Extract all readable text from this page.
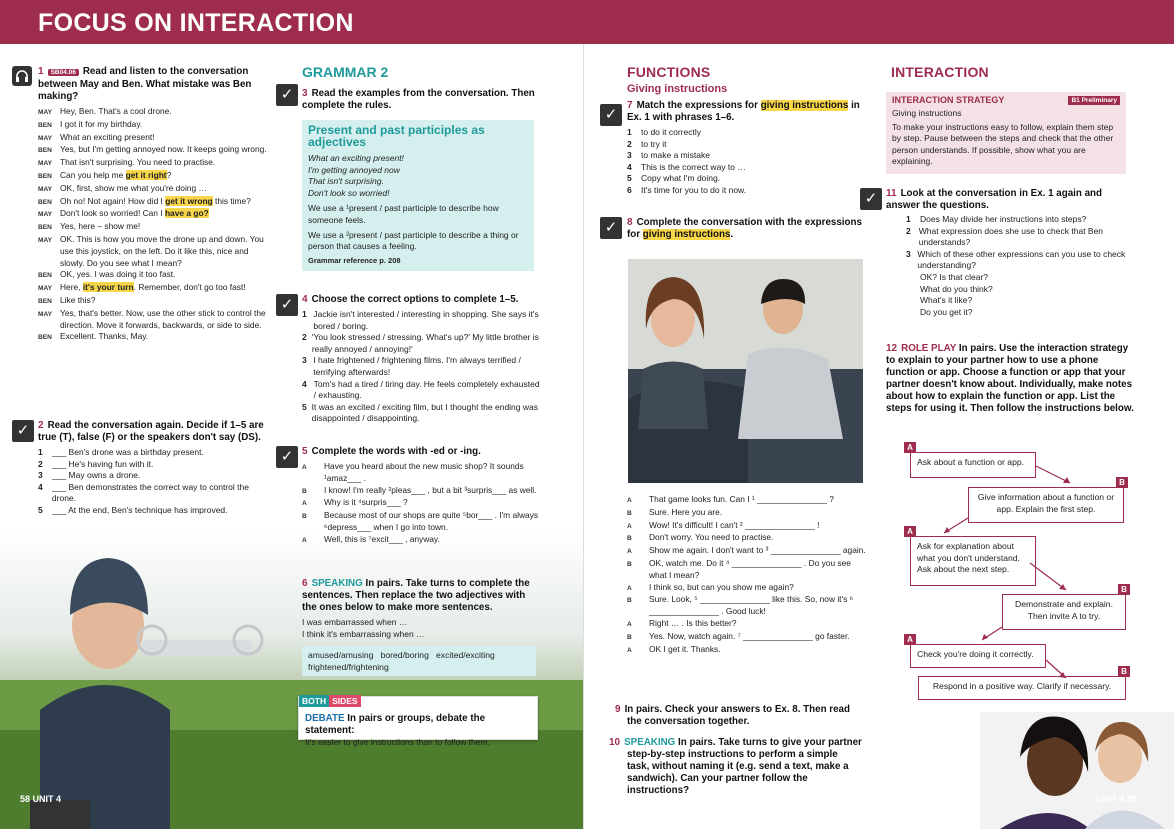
FOCUS ON INTERACTION
1 SB04.06 Read and listen to the conversation between May and Ben. What mistake was Ben making?
MAY Hey, Ben. That's a cool drone.
BEN I got it for my birthday.
MAY What an exciting present!
BEN Yes, but I'm getting annoyed now. It keeps going wrong.
MAY That isn't surprising. You need to practise.
BEN Can you help me get it right?
MAY OK, first, show me what you're doing …
BEN Oh no! Not again! How did I get it wrong this time?
MAY Don't look so worried! Can I have a go?
BEN Yes, here – show me!
MAY OK. This is how you move the drone up and down. You use this joystick, on the left. Do it like this, nice and slowly. Do you see what I mean?
BEN OK, yes. I was doing it too fast.
MAY Here, it's your turn. Remember, don't go too fast!
BEN Like this?
MAY Yes, that's better. Now, use the other stick to control the direction. Move it forwards, backwards, or side to side.
BEN Excellent. Thanks, May.
✓ 2 Read the conversation again. Decide if 1–5 are true (T), false (F) or the speakers don't say (DS).
1	___ Ben's drone was a birthday present.
2	___ He's having fun with it.
3	___ May owns a drone.
4	___ Ben demonstrates the correct way to control the drone.
5	___ At the end, Ben's technique has improved.
58 UNIT 4
GRAMMAR 2
✓ 3 Read the examples from the conversation. Then complete the rules.
Present and past participles as adjectives
What an exciting present!
I'm getting annoyed now
That isn't surprising.
Don't look so worried!
We use a ¹present / past participle to describe how someone feels.
We use a ²present / past participle to describe a thing or person that causes a feeling.
Grammar reference p. 208
✓ 4 Choose the correct options to complete 1–5.
1 Jackie isn't interested / interesting in shopping. She says it's bored / boring.
2 'You look stressed / stressing. What's up?' My little brother is really annoyed / annoying!'
3 I hate frightened / frightening films. I'm always terrified / terrifying afterwards!
4 Tom's had a tired / tiring day. He feels completely exhausted / exhausting.
5 It was an excited / exciting film, but I thought the ending was disappointed / disappointing.
✓ 5 Complete the words with -ed or -ing.
A	Have you heard about the new music shop? It sounds ¹amaz___ .
B	I know! I'm really ²pleas___ , but a bit ³surpris___ as well.
A	Why is it ⁴surpris___ ?
B	Because most of our shops are quite ⁵bor___ . I'm always ⁶depress___ when I go into town.
A	Well, this is ⁷excit___ , anyway.
6 SPEAKING In pairs. Take turns to complete the sentences. Then replace the two adjectives with the ones below to make more sentences.
I was embarrassed when …
I think it's embarrassing when …
amused/amusing   bored/boring   excited/exciting   frightened/frightening
BOTH SIDES
DEBATE In pairs or groups, debate the statement:
It's easier to give instructions than to follow them.
FUNCTIONS
Giving instructions
✓
7 Match the expressions for giving instructions in Ex. 1 with phrases 1–6.
1	to do it correctly
2	to try it
3	to make a mistake
4	This is the correct way to …
5	Copy what I'm doing.
6	It's time for you to do it now.
✓ 8 Complete the conversation with the expressions for giving instructions.
A	That game looks fun. Can I ¹ _______________ ?
B	Sure. Here you are.
A	Wow! It's difficult! I can't ² _______________ !
B	Don't worry. You need to practise.
A	Show me again. I don't want to ³ _______________ again.
B	OK, watch me. Do it ⁴ _______________ . Do you see what I mean?
A	I think so, but can you show me again?
B	Sure. Look, ⁵ _______________ like this. So, now it's ⁶ _______________ . Good luck!
A	Right … . Is this better?
B	Yes. Now, watch again. ⁷ _______________ go faster.
A	OK I get it. Thanks.
9 In pairs. Check your answers to Ex. 8. Then read the conversation together.
10 SPEAKING In pairs. Take turns to give your partner step-by-step instructions to perform a simple task, without naming it (e.g. send a text, make a sandwich). Can your partner follow the instructions?
INTERACTION
INTERACTION STRATEGY	B1 Preliminary
Giving instructions
To make your instructions easy to follow, explain them step by step. Pause between the steps and check that the other person understands. If possible, show what you are explaining.
✓ 11 Look at the conversation in Ex. 1 again and answer the questions.
1	Does May divide her instructions into steps?
2 What expression does she use to check that Ben understands?
3 Which of these other expressions can you use to check understanding?
OK? Is that clear?
What do you think?
What's it like?
Do you get it?
12 ROLE PLAY In pairs. Use the interaction strategy to explain to your partner how to use a phone function or app. Choose a function or app that your partner doesn't know about. Individually, make notes about how to explain the function or app. List the steps for using it. Then follow the instructions below.
A
Ask about a function or app.
B
Give information about a function or app. Explain the first step.
A
Ask for explanation about what you don't understand. Ask about the next step.
B
Demonstrate and explain. Then invite A to try.
A
Check you're doing it correctly.
B
Respond in a positive way. Clarify if necessary.
UNIT 4 59
